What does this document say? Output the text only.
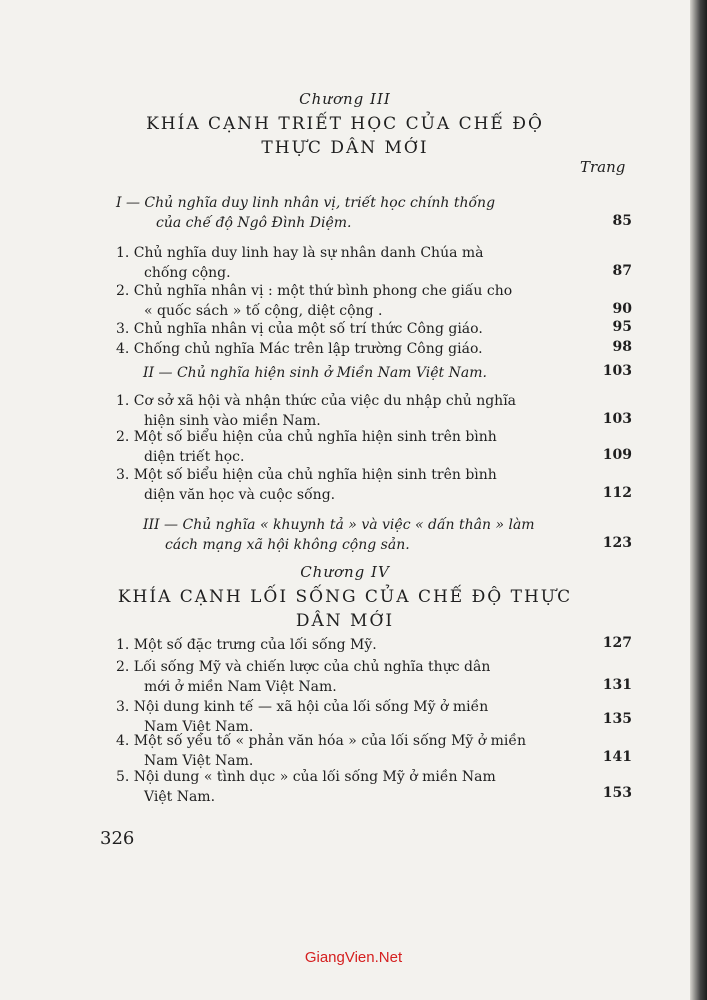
Chương III
KHÍA CẠNH TRIẾT HỌC CỦA CHẾ ĐỘ
THỰC DÂN MỚI
Trang
I — Chủ nghĩa duy linh nhân vị, triết học chính thống
của chế độ Ngô Đình Diệm.	85
1. Chủ nghĩa duy linh hay là sự nhân danh Chúa mà
chống cộng.	87
2. Chủ nghĩa nhân vị : một thứ bình phong che giấu cho
« quốc sách » tố cộng, diệt cộng .	90
3. Chủ nghĩa nhân vị của một số trí thức Công giáo.	95
4. Chống chủ nghĩa Mác trên lập trường Công giáo.	98
II — Chủ nghĩa hiện sinh ở Miền Nam Việt Nam.	103
1. Cơ sở xã hội và nhận thức của việc du nhập chủ nghĩa
hiện sinh vào miền Nam.	103
2. Một số biểu hiện của chủ nghĩa hiện sinh trên bình
diện triết học.	109
3. Một số biểu hiện của chủ nghĩa hiện sinh trên bình
diện văn học và cuộc sống.	112
III — Chủ nghĩa « khuynh tả » và việc « dấn thân » làm
cách mạng xã hội không cộng sản.	123
Chương IV
KHÍA CẠNH LỐI SỐNG CỦA CHẾ ĐỘ THỰC
DÂN MỚI
1. Một số đặc trưng của lối sống Mỹ.	127
2. Lối sống Mỹ và chiến lược của chủ nghĩa thực dân
mới ở miền Nam Việt Nam.	131
3. Nội dung kinh tế — xã hội của lối sống Mỹ ở miền
Nam Việt Nam.	135
4. Một số yếu tố « phản văn hóa » của lối sống Mỹ ở miền
Nam Việt Nam.	141
5. Nội dung « tình dục » của lối sống Mỹ ở miền Nam
Việt Nam.	153
326
GiangVien.Net
